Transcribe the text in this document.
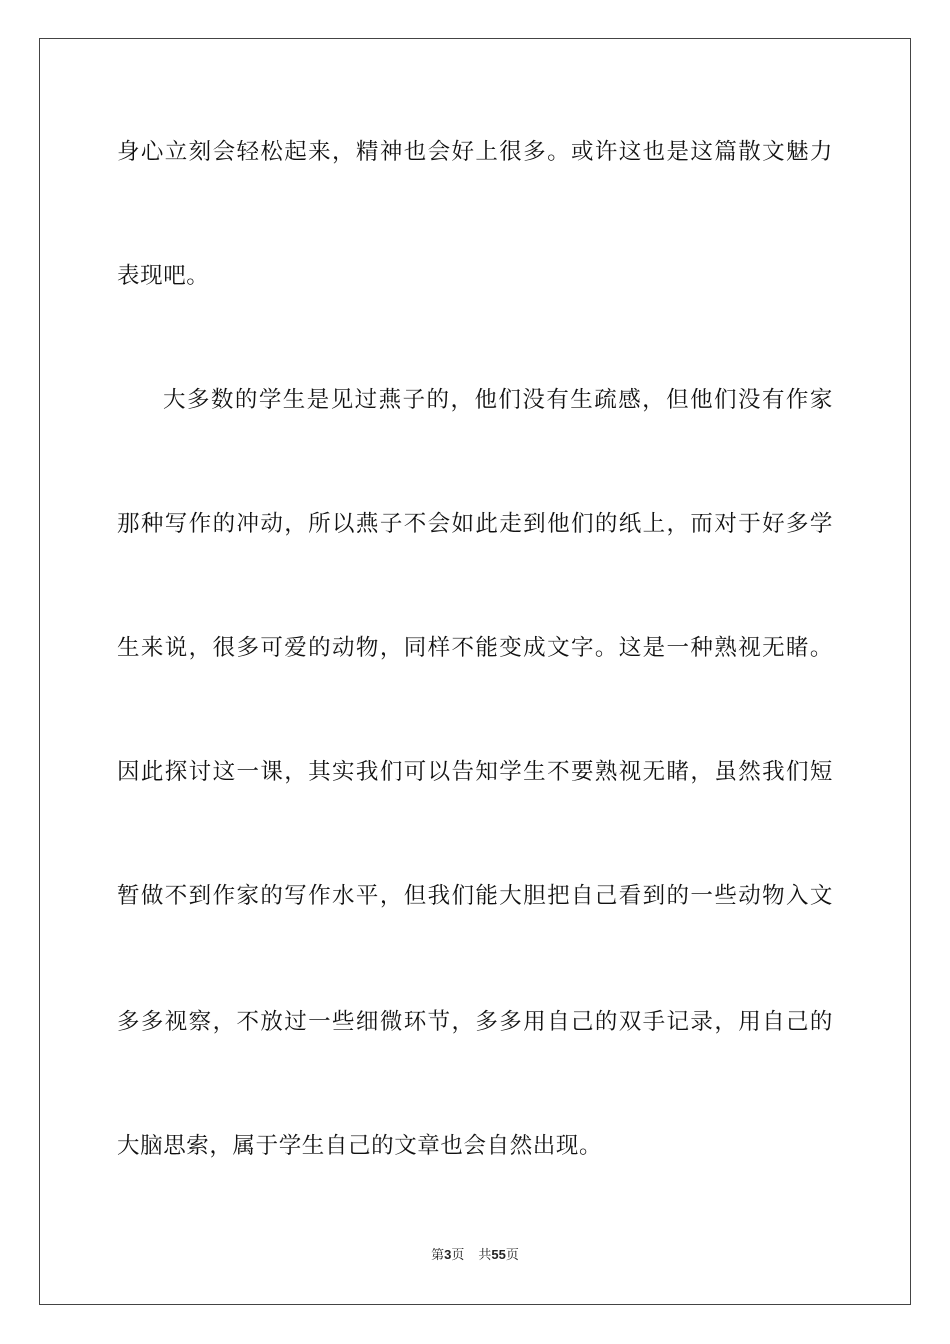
身心立刻会轻松起来，精神也会好上很多。或许这也是这篇散文魅力
表现吧。
大多数的学生是见过燕子的，他们没有生疏感，但他们没有作家
那种写作的冲动，所以燕子不会如此走到他们的纸上，而对于好多学
生来说，很多可爱的动物，同样不能变成文字。这是一种熟视无睹。
因此探讨这一课，其实我们可以告知学生不要熟视无睹，虽然我们短
暂做不到作家的写作水平，但我们能大胆把自己看到的一些动物入文
多多视察，不放过一些细微环节，多多用自己的双手记录，用自己的
大脑思索，属于学生自己的文章也会自然出现。
第3页 共55页
